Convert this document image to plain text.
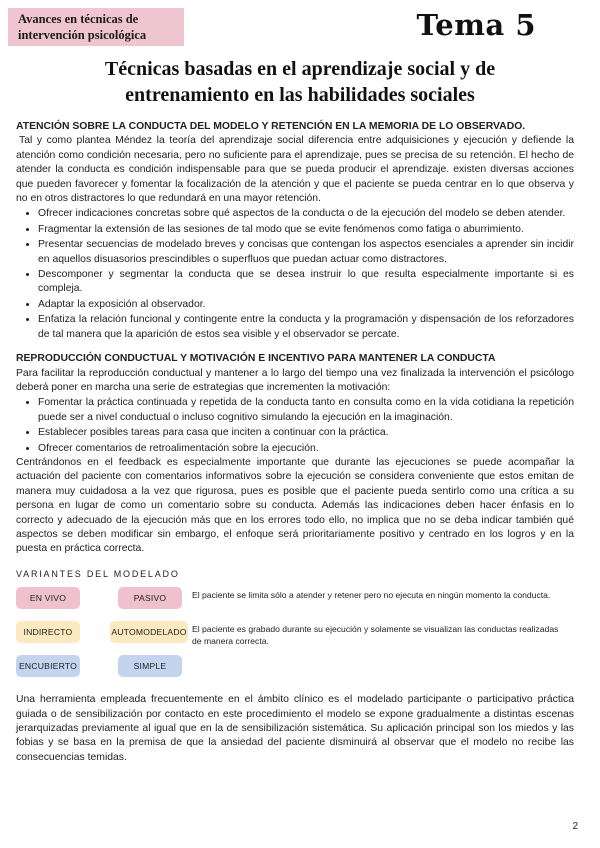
Avances en técnicas de
intervención psicológica	Tema 5
Técnicas basadas en el aprendizaje social y de
entrenamiento en las habilidades sociales

ATENCIÓN SOBRE LA CONDUCTA DEL MODELO Y RETENCIÓN EN LA MEMORIA DE LO OBSERVADO.

Tal y como plantea Méndez la teoría del aprendizaje social diferencia entre adquisiciones y ejecución y defiende la atención como condición necesaria, pero no suficiente para el aprendizaje, pues se precisa de su retención. El hecho de atender la conducta es condición indispensable para que se pueda producir el aprendizaje. existen diversas acciones que pueden favorecer y fomentar la focalización de la atención y que el paciente se pueda centrar en lo que observa y no en otros distractores lo que redundará en una mayor retención.

• Ofrecer indicaciones concretas sobre qué aspectos de la conducta o de la ejecución del modelo se deben atender.
• Fragmentar la extensión de las sesiones de tal modo que se evite fenómenos como fatiga o aburrimiento.
• Presentar secuencias de modelado breves y concisas que contengan los aspectos esenciales a aprender sin incidir en aquellos disuasorios prescindibles o superfluos que puedan actuar como distractores.
• Descomponer y segmentar la conducta que se desea instruir lo que resulta especialmente importante si es compleja.
• Adaptar la exposición al observador.
• Enfatiza la relación funcional y contingente entre la conducta y la programación y dispensación de los reforzadores de tal manera que la aparición de estos sea visible y el observador se percate.

REPRODUCCIÓN CONDUCTUAL Y MOTIVACIÓN E INCENTIVO PARA MANTENER LA CONDUCTA

Para facilitar la reproducción conductual y mantener a lo largo del tiempo una vez finalizada la intervención el psicólogo deberá poner en marcha una serie de estrategias que incrementen la motivación:

• Fomentar la práctica continuada y repetida de la conducta tanto en consulta como en la vida cotidiana la repetición puede ser a nivel conductual o incluso cognitivo simulando la ejecución en la imaginación.
• Establecer posibles tareas para casa que inciten a continuar con la práctica.
• Ofrecer comentarios de retroalimentación sobre la ejecución.

Centrándonos en el feedback es especialmente importante que durante las ejecuciones se puede acompañar la actuación del paciente con comentarios informativos sobre la ejecución se considera conveniente que estos emitan de manera muy cuidadosa a la vez que rigurosa, pues es posible que el paciente pueda sentirlo como una crítica a su persona en lugar de como un comentario sobre su conducta. Además las indicaciones deben hacer énfasis en lo correcto y adecuado de la ejecución más que en los errores todo ello, no implica que no se deba indicar también qué aspectos se deben modificar sin embargo, el enfoque será prioritariamente positivo y centrado en los logros y en la puesta en práctica correcta.

VARIANTES DEL MODELADO
EN VIVO	PASIVO	El paciente se limita sólo a atender y retener pero no ejecuta en ningún momento la conducta.
INDIRECTO	AUTOMODELADO El paciente es grabado durante su ejecución y solamente se visualizan las conductas realizadas de manera correcta.
ENCUBIERTO	SIMPLE

Una herramienta empleada frecuentemente en el ámbito clínico es el modelado participante o participativo práctica guiada o de sensibilización por contacto en este procedimiento el modelo se expone gradualmente a distintas escenas jerarquizadas previamente al igual que en la de sensibilización sistemática. Su aplicación principal son los miedos y las fobias y se basa en la premisa de que la ansiedad del paciente disminuirá al observar que el modelo no recibe las consecuencias temidas.

2
